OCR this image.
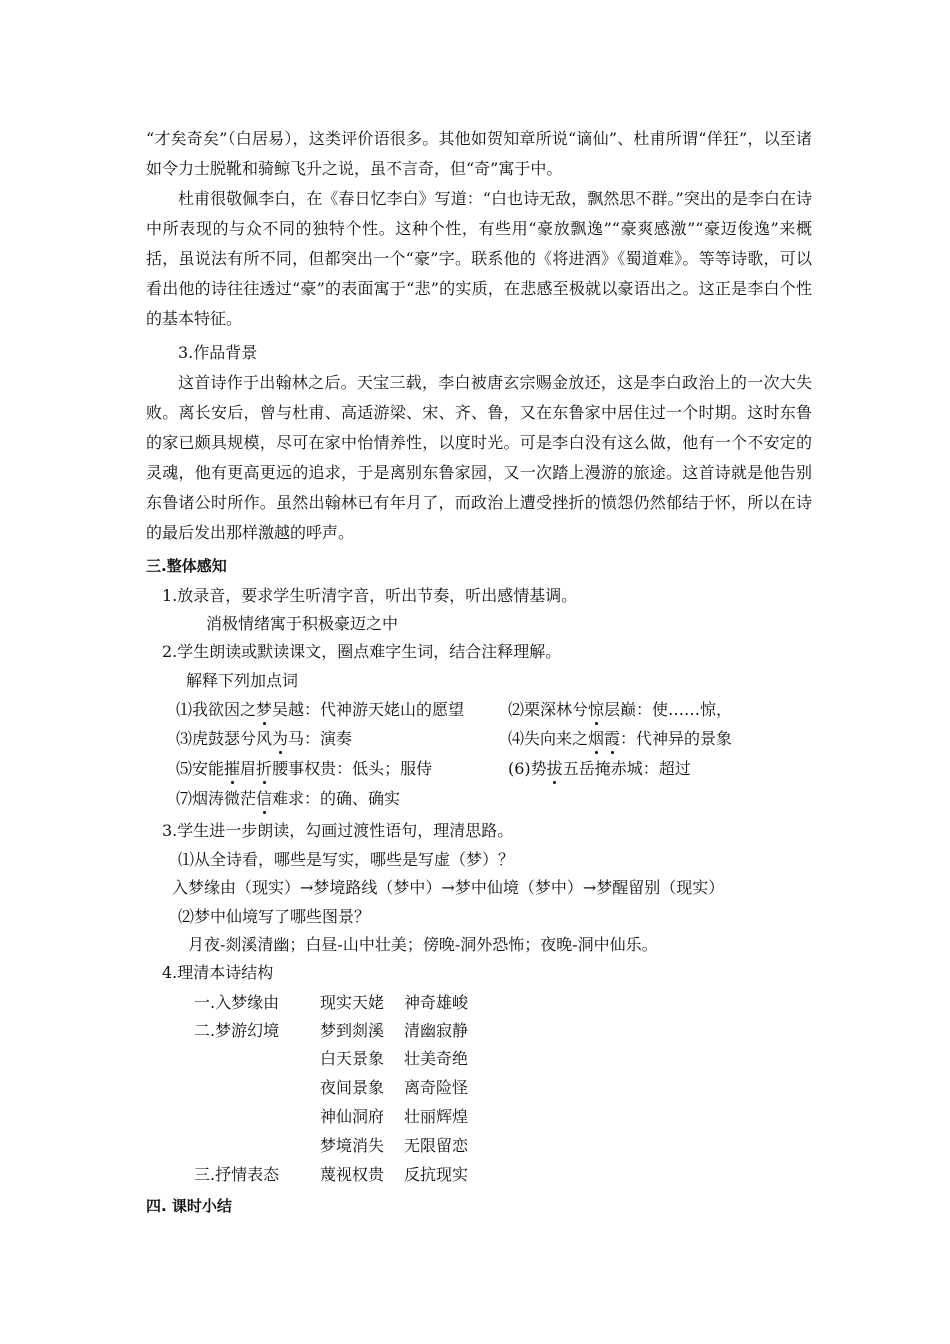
“才矣奇矣”（白居易），这类评价语很多。其他如贺知章所说“谪仙”、杜甫所谓“佯狂”，以至诸如令力士脱靴和骑鲸飞升之说，虽不言奇，但“奇”寓于中。
杜甫很敬佩李白，在《春日忆李白》写道：“白也诗无敌，飘然思不群。”突出的是李白在诗中所表现的与众不同的独特个性。这种个性，有些用“豪放飘逸”“豪爽感激”“豪迈俊逸”来概括，虽说法有所不同，但都突出一个“豪”字。联系他的《将进酒》《蜀道难》。等等诗歌，可以看出他的诗往往透过“豪”的表面寓于“悲”的实质，在悲感至极就以豪语出之。这正是李白个性的基本特征。
3.作品背景
这首诗作于出翰林之后。天宝三载，李白被唐玄宗赐金放还，这是李白政治上的一次大失败。离长安后，曾与杜甫、高适游梁、宋、齐、鲁，又在东鲁家中居住过一个时期。这时东鲁的家已颇具规模，尽可在家中怡情养性，以度时光。可是李白没有这么做，他有一个不安定的灵魂，他有更高更远的追求，于是离别东鲁家园，又一次踏上漫游的旅途。这首诗就是他告别东鲁诸公时所作。虽然出翰林已有年月了，而政治上遭受挫折的愤怨仍然郁结于怀，所以在诗的最后发出那样激越的呼声。
三.整体感知
1.放录音，要求学生听清字音，听出节奏，听出感情基调。
消极情绪寓于积极豪迈之中
2.学生朗读或默读课文，圈点难字生词，结合注释理解。
解释下列加点词
⑴我欲因之梦吴越：代神游天姥山的愿望	⑵栗深林兮惊层巅：使……惊，
⑶虎鼓瑟兮风为马：演奏	⑷失向来之烟霞：代神异的景象
⑸安能摧眉折腰事权贵：低头；服侍	(6)势拔五岳掩赤城：超过
⑺烟涛微茫信难求：的确、确实
3.学生进一步朗读，勾画过渡性语句，理清思路。
⑴从全诗看，哪些是写实，哪些是写虚（梦）？
入梦缘由（现实）→梦境路线（梦中）→梦中仙境（梦中）→梦醒留别（现实）
⑵梦中仙境写了哪些图景？
月夜-剡溪清幽；白昼-山中壮美；傍晚-洞外恐怖；夜晚-洞中仙乐。
4.理清本诗结构
一.入梦缘由	现实天姥 神奇雄峻
二.梦游幻境	梦到剡溪 清幽寂静
白天景象 壮美奇绝
夜间景象 离奇险怪
神仙洞府 壮丽辉煌
梦境消失 无限留恋
三.抒情表态	蔑视权贵 反抗现实
四. 课时小结
